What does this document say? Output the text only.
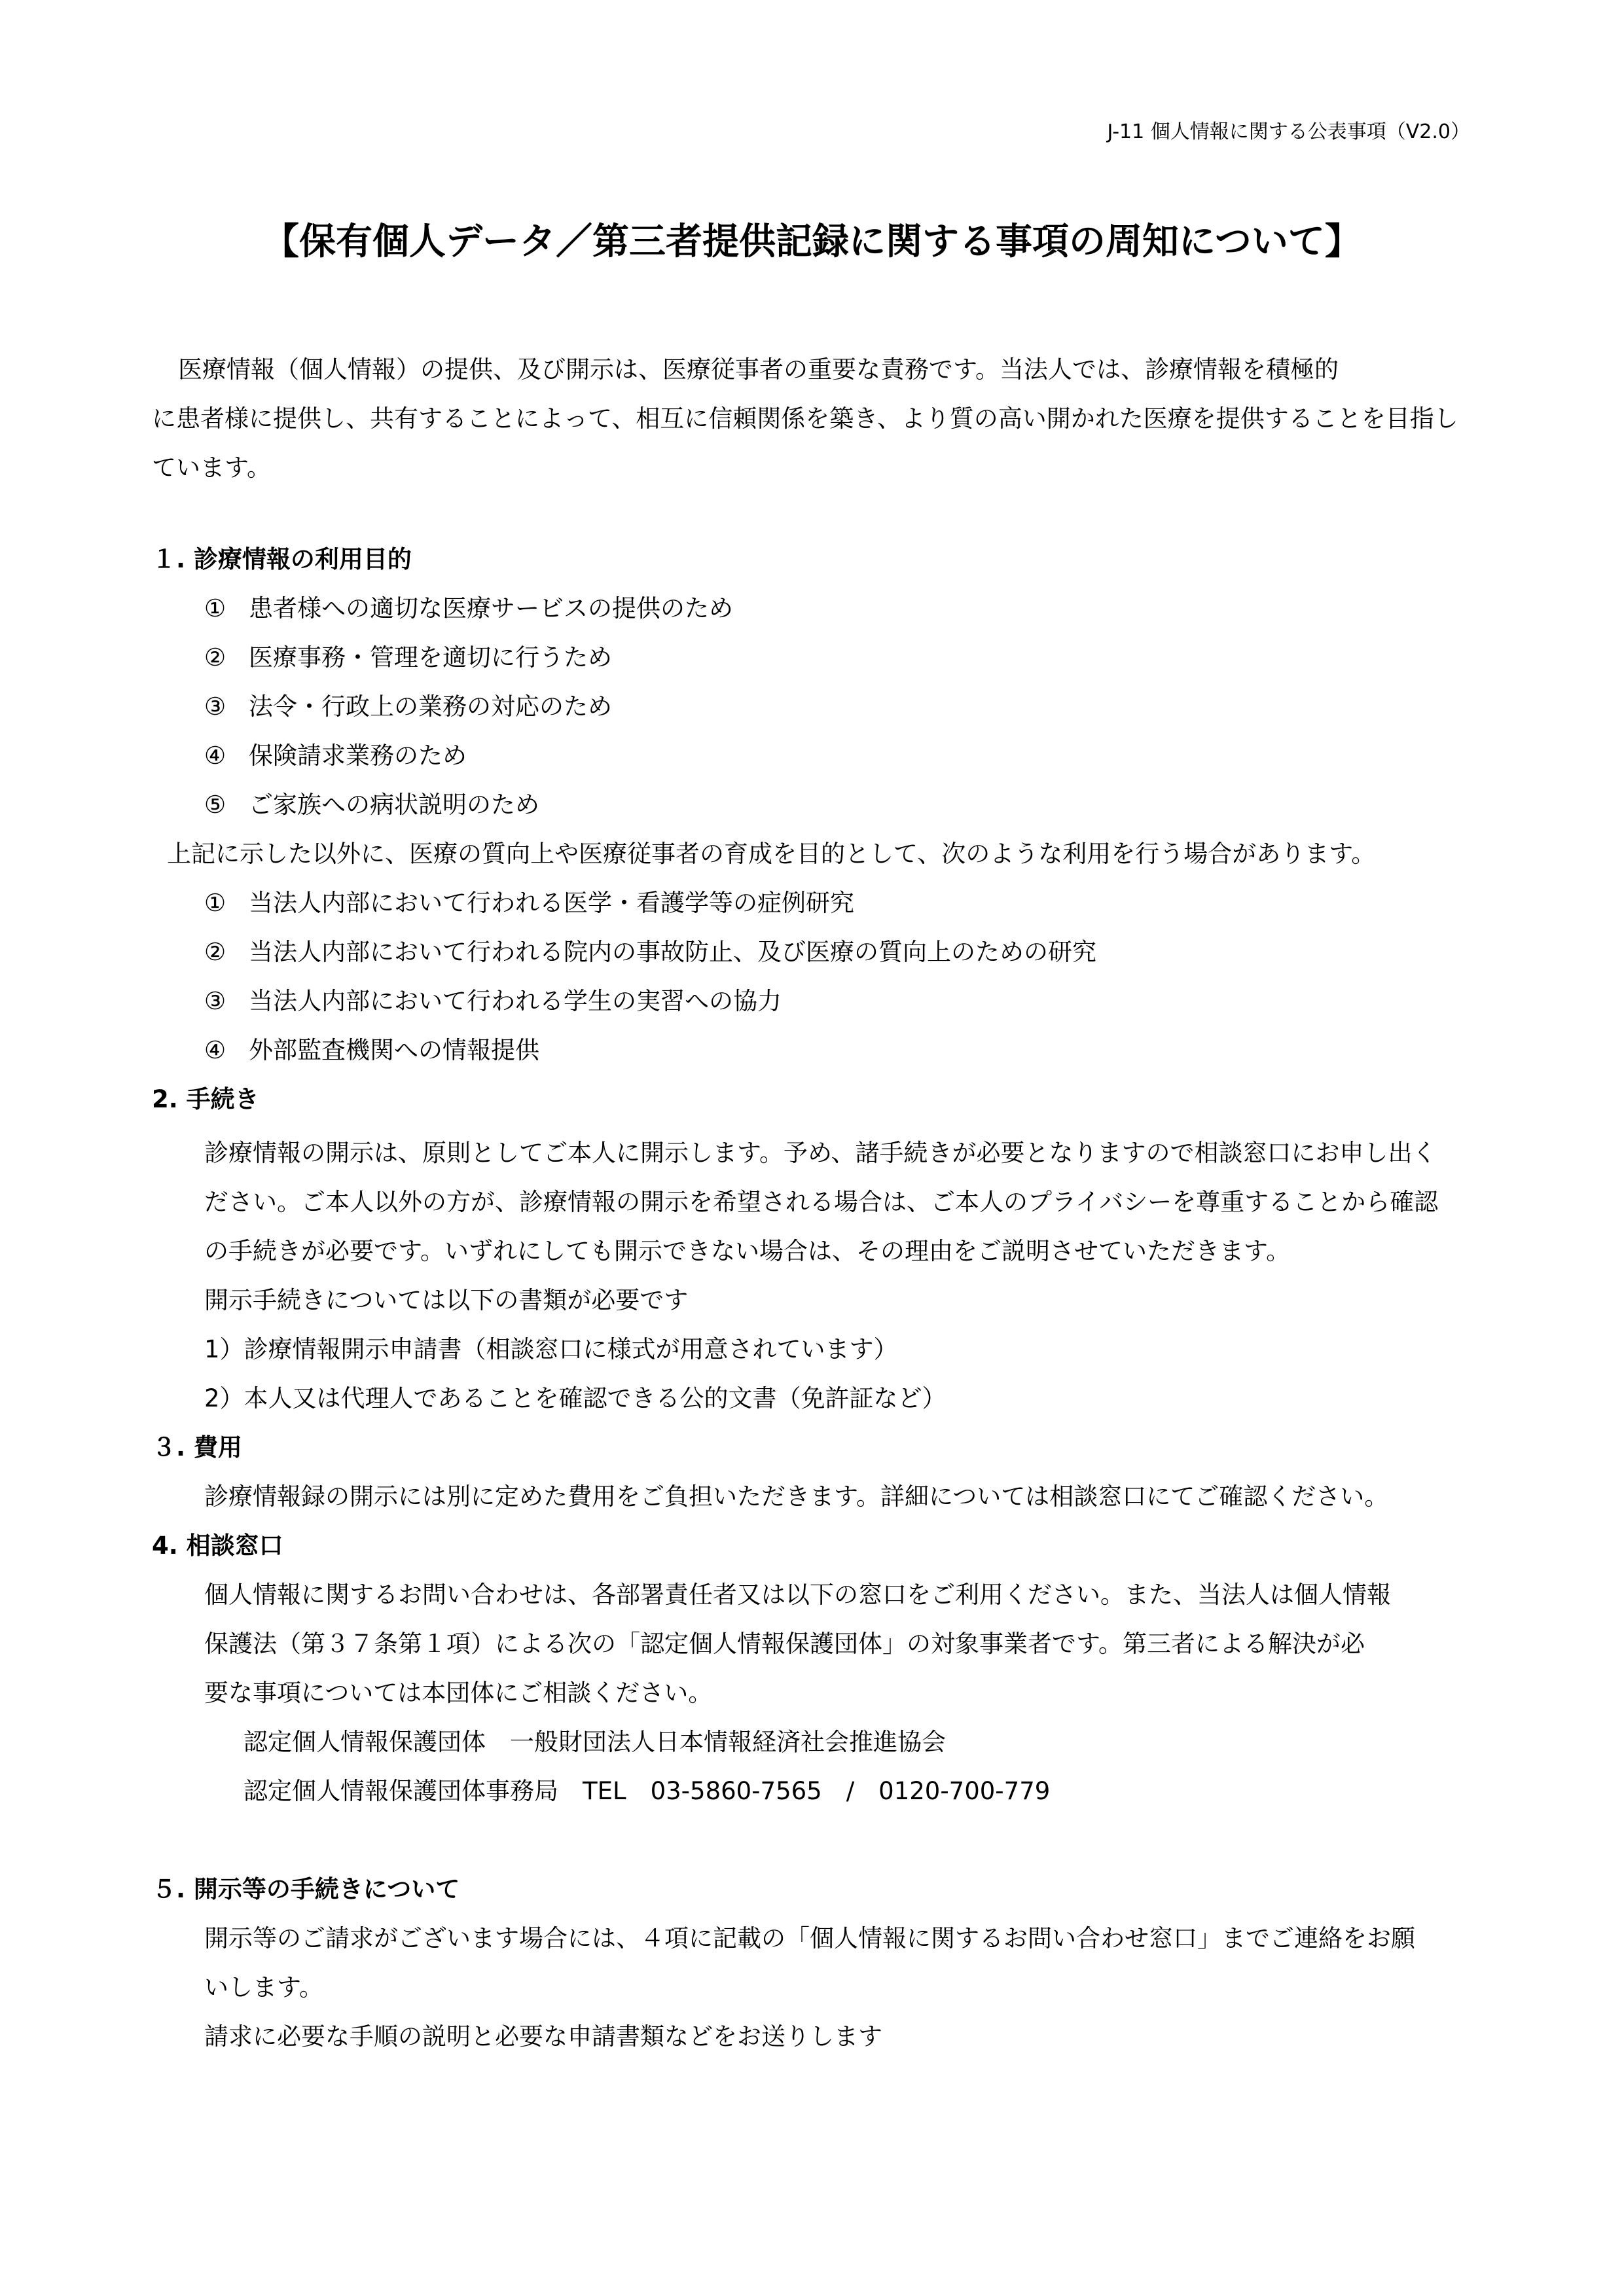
J-11 個人情報に関する公表事項（V2.0）
【保有個人データ／第三者提供記録に関する事項の周知について】
医療情報（個人情報）の提供、及び開示は、医療従事者の重要な責務です。当法人では、診療情報を積極的
に患者様に提供し、共有することによって、相互に信頼関係を築き、より質の高い開かれた医療を提供することを目指し
ています。
１. 診療情報の利用目的
① 患者様への適切な医療サービスの提供のため
② 医療事務・管理を適切に行うため
③ 法令・行政上の業務の対応のため
④ 保険請求業務のため
⑤ ご家族への病状説明のため
上記に示した以外に、医療の質向上や医療従事者の育成を目的として、次のような利用を行う場合があります。
① 当法人内部において行われる医学・看護学等の症例研究
② 当法人内部において行われる院内の事故防止、及び医療の質向上のための研究
③ 当法人内部において行われる学生の実習への協力
④ 外部監査機関への情報提供
2. 手続き
診療情報の開示は、原則としてご本人に開示します。予め、諸手続きが必要となりますので相談窓口にお申し出く
ださい。ご本人以外の方が、診療情報の開示を希望される場合は、ご本人のプライバシーを尊重することから確認
の手続きが必要です。いずれにしても開示できない場合は、その理由をご説明させていただきます。
開示手続きについては以下の書類が必要です
1）診療情報開示申請書（相談窓口に様式が用意されています）
2）本人又は代理人であることを確認できる公的文書（免許証など）
３. 費用
診療情報録の開示には別に定めた費用をご負担いただきます。詳細については相談窓口にてご確認ください。
4. 相談窓口
個人情報に関するお問い合わせは、各部署責任者又は以下の窓口をご利用ください。また、当法人は個人情報
保護法（第３７条第１項）による次の「認定個人情報保護団体」の対象事業者です。第三者による解決が必
要な事項については本団体にご相談ください。
認定個人情報保護団体　一般財団法人日本情報経済社会推進協会
認定個人情報保護団体事務局　TEL　03-5860-7565　/　0120-700-779
５. 開示等の手続きについて
開示等のご請求がございます場合には、４項に記載の「個人情報に関するお問い合わせ窓口」までご連絡をお願
いします。
請求に必要な手順の説明と必要な申請書類などをお送りします
